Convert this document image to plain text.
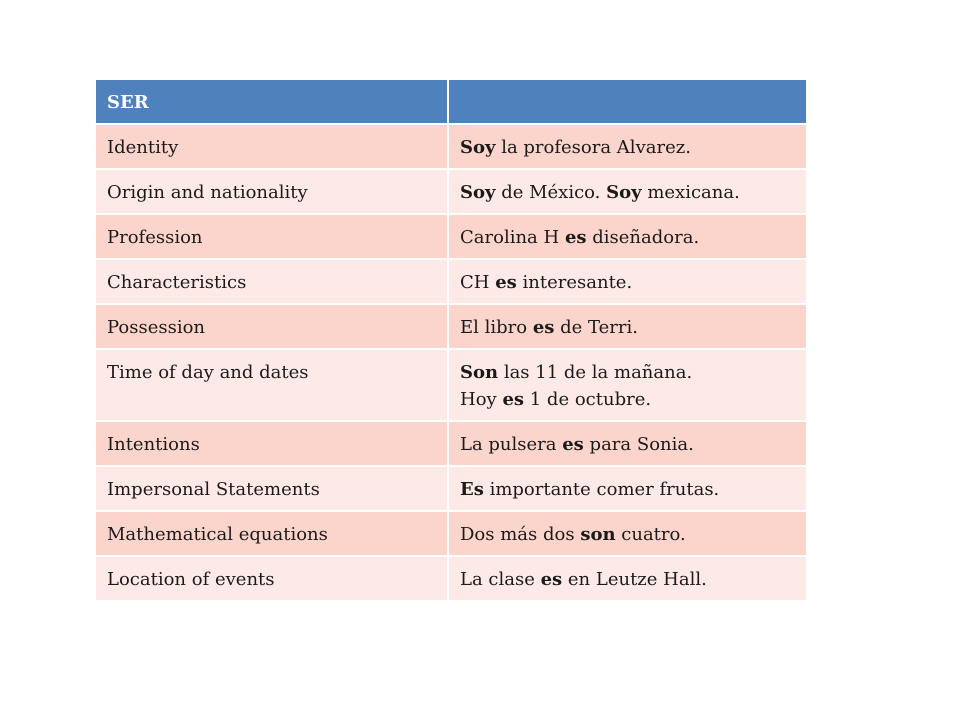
SER	
Identity	Soy la profesora Alvarez.
Origin and nationality	Soy de México. Soy mexicana.
Profession	Carolina H es diseñadora.
Characteristics	CH es interesante.
Possession	El libro es de Terri.
Time of day and dates	Son las 11 de la mañana.
Hoy es 1 de octubre.
Intentions	La pulsera es para Sonia.
Impersonal Statements	Es importante comer frutas.
Mathematical equations	Dos más dos son cuatro.
Location of events	La clase es en Leutze Hall.
